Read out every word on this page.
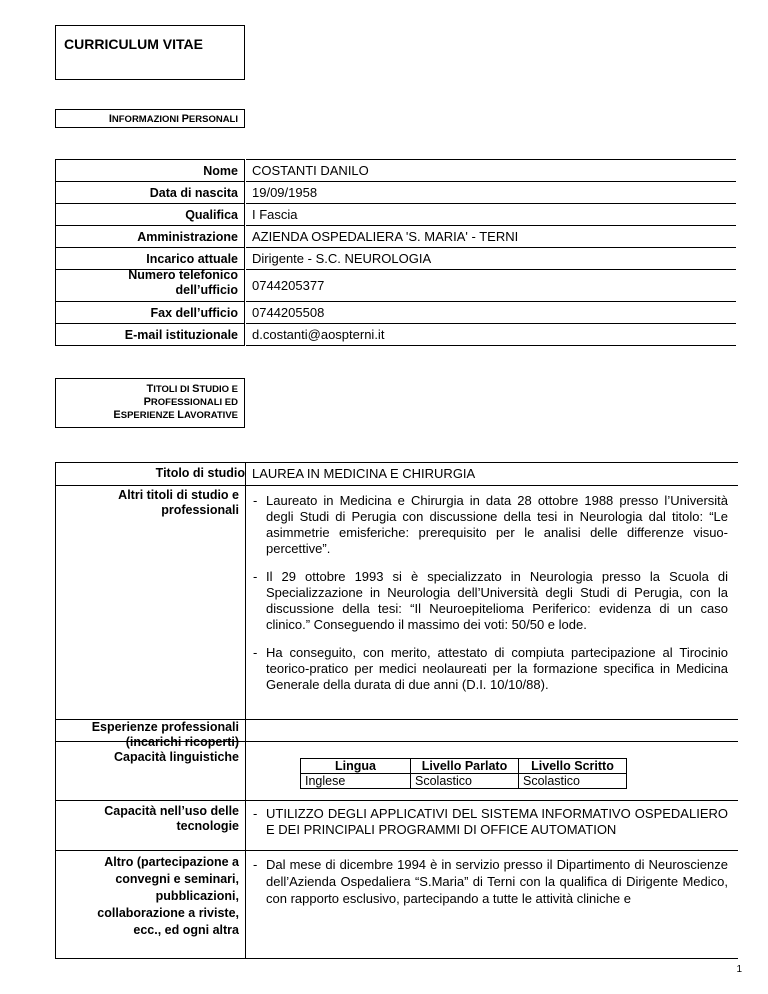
CURRICULUM VITAE
INFORMAZIONI PERSONALI
Nome	COSTANTI DANILO
Data di nascita	19/09/1958
Qualifica	I Fascia
Amministrazione	AZIENDA OSPEDALIERA 'S. MARIA' - TERNI
Incarico attuale	Dirigente - S.C. NEUROLOGIA
Numero telefonico
dell’ufficio	0744205377
Fax dell’ufficio	0744205508
E-mail istituzionale	d.costanti@aospterni.it
TITOLI DI STUDIO E
PROFESSIONALI ED
ESPERIENZE LAVORATIVE
Titolo di studio LAUREA IN MEDICINA E CHIRURGIA
Altri titoli di studio e
professionali
- Laureato in Medicina e Chirurgia in data 28 ottobre 1988 presso l’Università degli Studi di Perugia con discussione della tesi in Neurologia dal titolo: “Le asimmetrie emisferiche: prerequisito per le analisi delle differenze visuo-percettive”.
- Il 29 ottobre 1993 si è specializzato in Neurologia presso la Scuola di Specializzazione in Neurologia dell’Università degli Studi di Perugia, con la discussione della tesi: “Il Neuroepitelioma Periferico: evidenza di un caso clinico.” Conseguendo il massimo dei voti: 50/50 e lode.
- Ha conseguito, con merito, attestato di compiuta partecipazione al Tirocinio teorico-pratico per medici neolaureati per la formazione specifica in Medicina Generale della durata di due anni (D.I. 10/10/88).
Esperienze professionali
(incarichi ricoperti)
Capacità linguistiche
Lingua	Livello Parlato	Livello Scritto
Inglese	Scolastico	Scolastico
Capacità nell’uso delle
tecnologie
- UTILIZZO DEGLI APPLICATIVI DEL SISTEMA INFORMATIVO OSPEDALIERO E DEI PRINCIPALI PROGRAMMI DI OFFICE AUTOMATION
Altro (partecipazione a
convegni e seminari,
pubblicazioni,
collaborazione a riviste,
ecc., ed ogni altra
- Dal mese di dicembre 1994 è in servizio presso il Dipartimento di Neuroscienze dell’Azienda Ospedaliera “S.Maria” di Terni con la qualifica di Dirigente Medico, con rapporto esclusivo, partecipando a tutte le attività cliniche e
1
